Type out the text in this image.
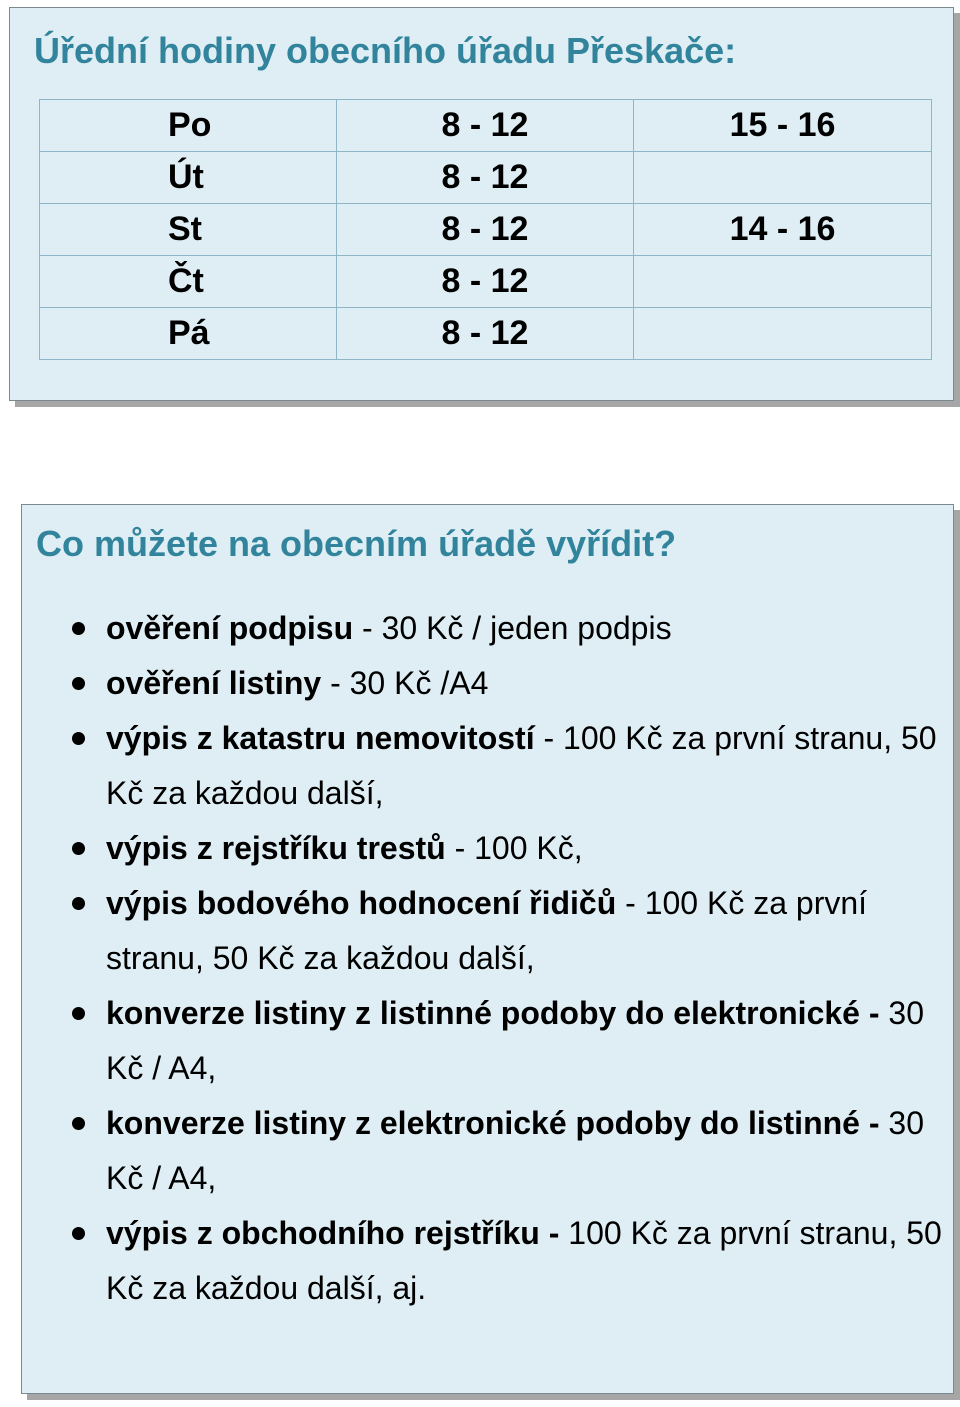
Úřední hodiny obecního úřadu Přeskače:
Po	8 - 12	15 - 16
Út	8 - 12	
St	8 - 12	14 - 16
Čt	8 - 12	
Pá	8 - 12	
Co můžete na obecním úřadě vyřídit?
ověření podpisu - 30 Kč / jeden podpis
ověření listiny - 30 Kč /A4
výpis z katastru nemovitostí - 100 Kč za první stranu, 50 Kč za každou další,
výpis z rejstříku trestů - 100 Kč,
výpis bodového hodnocení řidičů - 100 Kč za první stranu, 50 Kč za každou další,
konverze listiny z listinné podoby do elektronické - 30 Kč / A4,
konverze listiny z elektronické podoby do listinné - 30 Kč / A4,
výpis z obchodního rejstříku - 100 Kč za první stranu, 50 Kč za každou další, aj.
